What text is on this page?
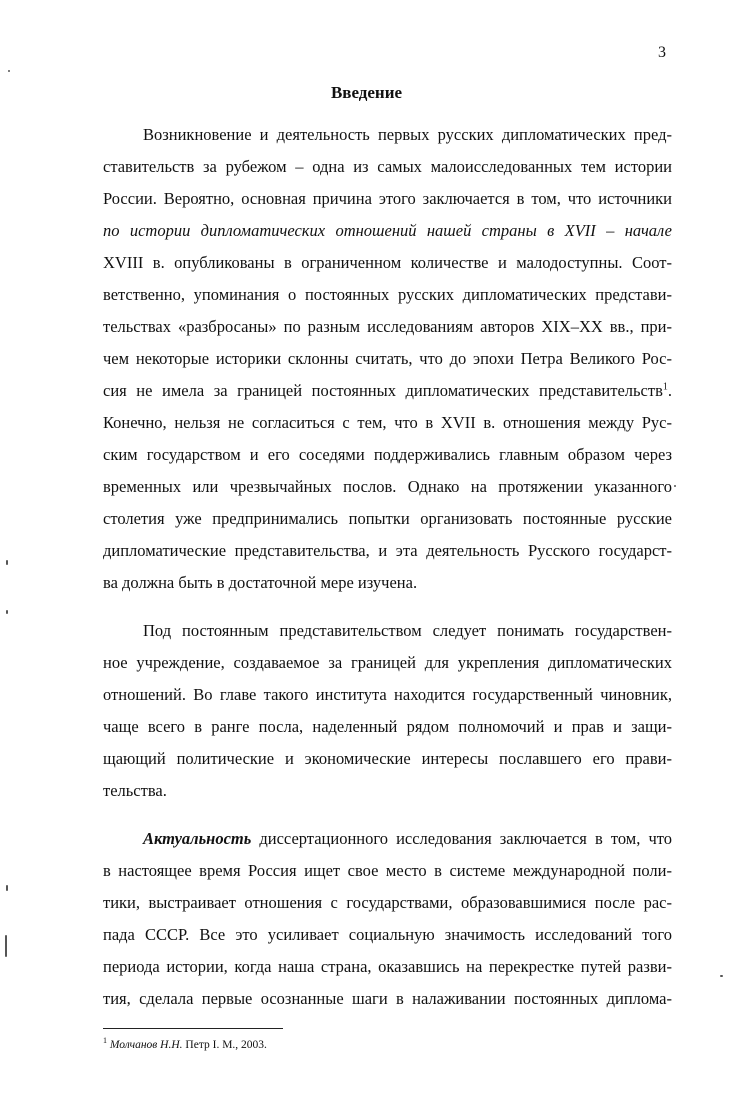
3
Введение
Возникновение и деятельность первых русских дипломатических пред-
ставительств за рубежом – одна из самых малоисследованных тем истории
России. Вероятно, основная причина этого заключается в том, что источники
по истории дипломатических отношений нашей страны в XVII – начале
XVIII в. опубликованы в ограниченном количестве и малодоступны. Соот-
ветственно, упоминания о постоянных русских дипломатических представи-
тельствах «разбросаны» по разным исследованиям авторов XIX–XX вв., при-
чем некоторые историки склонны считать, что до эпохи Петра Великого Рос-
сия не имела за границей постоянных дипломатических представительств$^1$.
Конечно, нельзя не согласиться с тем, что в XVII в. отношения между Рус-
ским государством и его соседями поддерживались главным образом через
временных или чрезвычайных послов. Однако на протяжении указанного
столетия уже предпринимались попытки организовать постоянные русские
дипломатические представительства, и эта деятельность Русского государст-
ва должна быть в достаточной мере изучена.
Под постоянным представительством следует понимать государствен-
ное учреждение, создаваемое за границей для укрепления дипломатических
отношений. Во главе такого института находится государственный чиновник,
чаще всего в ранге посла, наделенный рядом полномочий и прав и защи-
щающий политические и экономические интересы пославшего его прави-
тельства.
Актуальность диссертационного исследования заключается в том, что
в настоящее время Россия ищет свое место в системе международной поли-
тики, выстраивает отношения с государствами, образовавшимися после рас-
пада СССР. Все это усиливает социальную значимость исследований того
периода истории, когда наша страна, оказавшись на перекрестке путей разви-
тия, сделала первые осознанные шаги в налаживании постоянных диплома-
$^1$ Молчанов Н.Н. Петр I. М., 2003.
